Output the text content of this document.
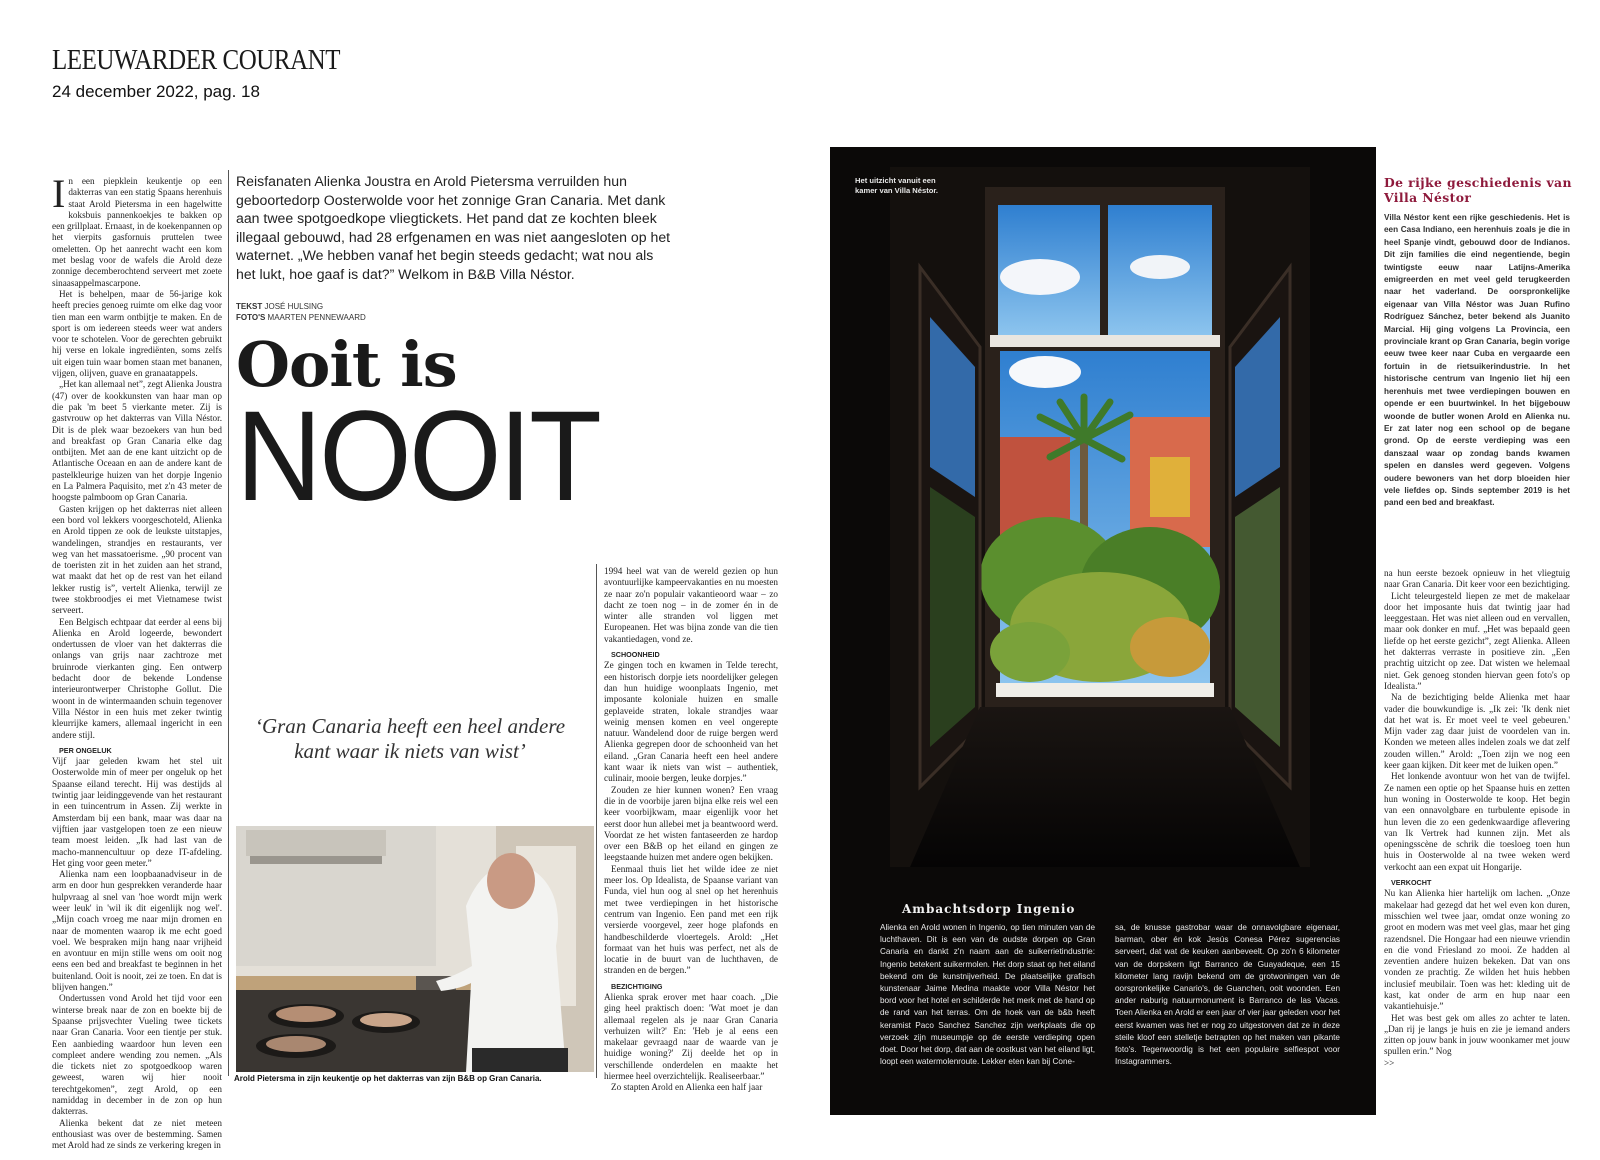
LEEUWARDER COURANT
24 december 2022, pag. 18

In een piepklein keukentje op een dakterras van een statig Spaans herenhuis staat Arold Pietersma in een hagelwitte koksbuis pannenkoekjes te bakken op een grillplaat. Ernaast, in de koekenpannen op het vierpits gasfornuis pruttelen twee omeletten. Op het aanrecht wacht een kom met beslag voor de wafels die Arold deze zonnige decemberochtend serveert met zoete sinaasappelmascarpone.

Het is behelpen, maar de 56-jarige kok heeft precies genoeg ruimte om elke dag voor tien man een warm ontbijtje te maken. En de sport is om iedereen steeds weer wat anders voor te schotelen. Voor de gerechten gebruikt hij verse en lokale ingrediënten, soms zelfs uit eigen tuin waar bomen staan met bananen, vijgen, olijven, guave en granaatappels.

„Het kan allemaal net”, zegt Alienka Joustra (47) over de kookkunsten van haar man op die pak 'm beet 5 vierkante meter. Zij is gastvrouw op het dakterras van Villa Néstor. Dit is de plek waar bezoekers van hun bed and breakfast op Gran Canaria elke dag ontbijten. Met aan de ene kant uitzicht op de Atlantische Oceaan en aan de andere kant de pastelkleurige huizen van het dorpje Ingenio en La Palmera Paquisito, met z'n 43 meter de hoogste palmboom op Gran Canaria.

Gasten krijgen op het dakterras niet alleen een bord vol lekkers voorgeschoteld, Alienka en Arold tippen ze ook de leukste uitstapjes, wandelingen, strandjes en restaurants, ver weg van het massatoerisme. „90 procent van de toeristen zit in het zuiden aan het strand, wat maakt dat het op de rest van het eiland lekker rustig is”, vertelt Alienka, terwijl ze twee stokbroodjes ei met Vietnamese twist serveert.

Een Belgisch echtpaar dat eerder al eens bij Alienka en Arold logeerde, bewondert ondertussen de vloer van het dakterras die onlangs van grijs naar zachtroze met bruinrode vierkanten ging. Een ontwerp bedacht door de bekende Londense interieurontwerper Christophe Gollut. Die woont in de wintermaanden schuin tegenover Villa Néstor in een huis met zeker twintig kleurrijke kamers, allemaal ingericht in een andere stijl.

PER ONGELUK

Vijf jaar geleden kwam het stel uit Oosterwolde min of meer per ongeluk op het Spaanse eiland terecht. Hij was destijds al twintig jaar leidinggevende van het restaurant in een tuincentrum in Assen. Zij werkte in Amsterdam bij een bank, maar was daar na vijftien jaar vastgelopen toen ze een nieuw team moest leiden. „Ik had last van de macho-mannencultuur op deze IT-afdeling. Het ging voor geen meter.”

Alienka nam een loopbaanadviseur in de arm en door hun gesprekken veranderde haar hulpvraag al snel van 'hoe wordt mijn werk weer leuk' in 'wil ik dit eigenlijk nog wel'. „Mijn coach vroeg me naar mijn dromen en naar de momenten waarop ik me echt goed voel. We bespraken mijn hang naar vrijheid en avontuur en mijn stille wens om ooit nog eens een bed and breakfast te beginnen in het buitenland. Ooit is nooit, zei ze toen. En dat is blijven hangen.”

Ondertussen vond Arold het tijd voor een winterse break naar de zon en boekte bij de Spaanse prijsvechter Vueling twee tickets naar Gran Canaria. Voor een tientje per stuk. Een aanbieding waardoor hun leven een compleet andere wending zou nemen. „Als die tickets niet zo spotgoedkoop waren geweest, waren wij hier nooit terechtgekomen”, zegt Arold, op een namiddag in december in de zon op hun dakterras.

Alienka bekent dat ze niet meteen enthousiast was over de bestemming. Samen met Arold had ze sinds ze verkering kregen in

Reisfanaten Alienka Joustra en Arold Pietersma verruilden hun geboortedorp Oosterwolde voor het zonnige Gran Canaria. Met dank aan twee spotgoedkope vliegtickets. Het pand dat ze kochten bleek illegaal gebouwd, had 28 erfgenamen en was niet aangesloten op het waternet. „We hebben vanaf het begin steeds gedacht; wat nou als het lukt, hoe gaaf is dat?” Welkom in B&B Villa Néstor.
TEKST JOSÉ HULSING
FOTO'S MAARTEN PENNEWAARD
Ooit is
NOOIT
‘Gran Canaria heeft een heel andere kant waar ik niets van wist’
Arold Pietersma in zijn keukentje op het dakterras van zijn B&B op Gran Canaria.

1994 heel wat van de wereld gezien op hun avontuurlijke kampeervakanties en nu moesten ze naar zo'n populair vakantieoord waar – zo dacht ze toen nog – in de zomer én in de winter alle stranden vol liggen met Europeanen. Het was bijna zonde van die tien vakantiedagen, vond ze.

SCHOONHEID

Ze gingen toch en kwamen in Telde terecht, een historisch dorpje iets noordelijker gelegen dan hun huidige woonplaats Ingenio, met imposante koloniale huizen en smalle geplaveide straten, lokale strandjes waar weinig mensen komen en veel ongerepte natuur. Wandelend door de ruige bergen werd Alienka gegrepen door de schoonheid van het eiland. „Gran Canaria heeft een heel andere kant waar ik niets van wist – authentiek, culinair, mooie bergen, leuke dorpjes.”

Zouden ze hier kunnen wonen? Een vraag die in de voorbije jaren bijna elke reis wel een keer voorbijkwam, maar eigenlijk voor het eerst door hun allebei met ja beantwoord werd. Voordat ze het wisten fantaseerden ze hardop over een B&B op het eiland en gingen ze leegstaande huizen met andere ogen bekijken.

Eenmaal thuis liet het wilde idee ze niet meer los. Op Idealista, de Spaanse variant van Funda, viel hun oog al snel op het herenhuis met twee verdiepingen in het historische centrum van Ingenio. Een pand met een rijk versierde voorgevel, zeer hoge plafonds en handbeschilderde vloertegels. Arold: „Het formaat van het huis was perfect, net als de locatie in de buurt van de luchthaven, de stranden en de bergen.”

BEZICHTIGING

Alienka sprak erover met haar coach. „Die ging heel praktisch doen: 'Wat moet je dan allemaal regelen als je naar Gran Canaria verhuizen wilt?' En: 'Heb je al eens een makelaar gevraagd naar de waarde van je huidige woning?' Zij deelde het op in verschillende onderdelen en maakte het hiermee heel overzichtelijk. Realiseerbaar.”

Zo stapten Arold en Alienka een half jaar

Het uitzicht vanuit een kamer van Villa Néstor.
Ambachtsdorp Ingenio
Alienka en Arold wonen in Ingenio, op tien minuten van de luchthaven. Dit is een van de oudste dorpen op Gran Canaria en dankt z'n naam aan de suikerrietindustrie: Ingenio betekent suikermolen. Het dorp staat op het eiland bekend om de kunstnijverheid. De plaatselijke grafisch kunstenaar Jaime Medina maakte voor Villa Néstor het bord voor het hotel en schilderde het merk met de hand op de rand van het terras. Om de hoek van de b&b heeft keramist Paco Sanchez Sanchez zijn werkplaats die op verzoek zijn museumpje op de eerste verdieping open doet. Door het dorp, dat aan de oostkust van het eiland ligt, loopt een watermolenroute. Lekker eten kan bij Cone-
sa, de knusse gastrobar waar de onnavolgbare eigenaar, barman, ober én kok Jesús Conesa Pérez sugerencias serveert, dat wat de keuken aanbeveelt. Op zo'n 6 kilometer van de dorpskern ligt Barranco de Guayadeque, een 15 kilometer lang ravijn bekend om de grotwoningen van de oorspronkelijke Canario's, de Guanchen, ooit woonden. Een ander naburig natuurmonument is Barranco de las Vacas. Toen Alienka en Arold er een jaar of vier jaar geleden voor het eerst kwamen was het er nog zo uitgestorven dat ze in deze steile kloof een stelletje betrapten op het maken van pikante foto's. Tegenwoordig is het een populaire selfiespot voor Instagrammers.
De rijke geschiedenis van Villa Néstor
Villa Néstor kent een rijke geschiedenis. Het is een Casa Indiano, een herenhuis zoals je die in heel Spanje vindt, gebouwd door de Indianos. Dit zijn families die eind negentiende, begin twintigste eeuw naar Latijns-Amerika emigreerden en met veel geld terugkeerden naar het vaderland. De oorspronkelijke eigenaar van Villa Néstor was Juan Rufino Rodríguez Sánchez, beter bekend als Juanito Marcial. Hij ging volgens La Provincia, een provinciale krant op Gran Canaria, begin vorige eeuw twee keer naar Cuba en vergaarde een fortuin in de rietsuikerindustrie. In het historische centrum van Ingenio liet hij een herenhuis met twee verdiepingen bouwen en opende er een buurtwinkel. In het bijgebouw woonde de butler wonen Arold en Alienka nu. Er zat later nog een school op de begane grond. Op de eerste verdieping was een danszaal waar op zondag bands kwamen spelen en dansles werd gegeven. Volgens oudere bewoners van het dorp bloeiden hier vele liefdes op. Sinds september 2019 is het pand een bed and breakfast.

na hun eerste bezoek opnieuw in het vliegtuig naar Gran Canaria. Dit keer voor een bezichtiging.

Licht teleurgesteld liepen ze met de makelaar door het imposante huis dat twintig jaar had leeggestaan. Het was niet alleen oud en vervallen, maar ook donker en muf. „Het was bepaald geen liefde op het eerste gezicht”, zegt Alienka. Alleen het dakterras verraste in positieve zin. „Een prachtig uitzicht op zee. Dat wisten we helemaal niet. Gek genoeg stonden hiervan geen foto's op Idealista.”

Na de bezichtiging belde Alienka met haar vader die bouwkundige is. „Ik zei: 'Ik denk niet dat het wat is. Er moet veel te veel gebeuren.' Mijn vader zag daar juist de voordelen van in. Konden we meteen alles indelen zoals we dat zelf zouden willen.” Arold: „Toen zijn we nog een keer gaan kijken. Dit keer met de luiken open.”

Het lonkende avontuur won het van de twijfel. Ze namen een optie op het Spaanse huis en zetten hun woning in Oosterwolde te koop. Het begin van een onnavolgbare en turbulente episode in hun leven die zo een gedenkwaardige aflevering van Ik Vertrek had kunnen zijn. Met als openingsscène de schrik die toesloeg toen hun huis in Oosterwolde al na twee weken werd verkocht aan een expat uit Hongarije.

VERKOCHT

Nu kan Alienka hier hartelijk om lachen. „Onze makelaar had gezegd dat het wel even kon duren, misschien wel twee jaar, omdat onze woning zo groot en modern was met veel glas, maar het ging razendsnel. Die Hongaar had een nieuwe vriendin en die vond Friesland zo mooi. Ze hadden al zeventien andere huizen bekeken. Dat van ons vonden ze prachtig. Ze wilden het huis hebben inclusief meubilair. Toen was het: kleding uit de kast, kat onder de arm en hup naar een vakantiehuisje.”

Het was best gek om alles zo achter te laten. „Dan rij je langs je huis en zie je iemand anders zitten op jouw bank in jouw woonkamer met jouw spullen erin.” Nog

>>
